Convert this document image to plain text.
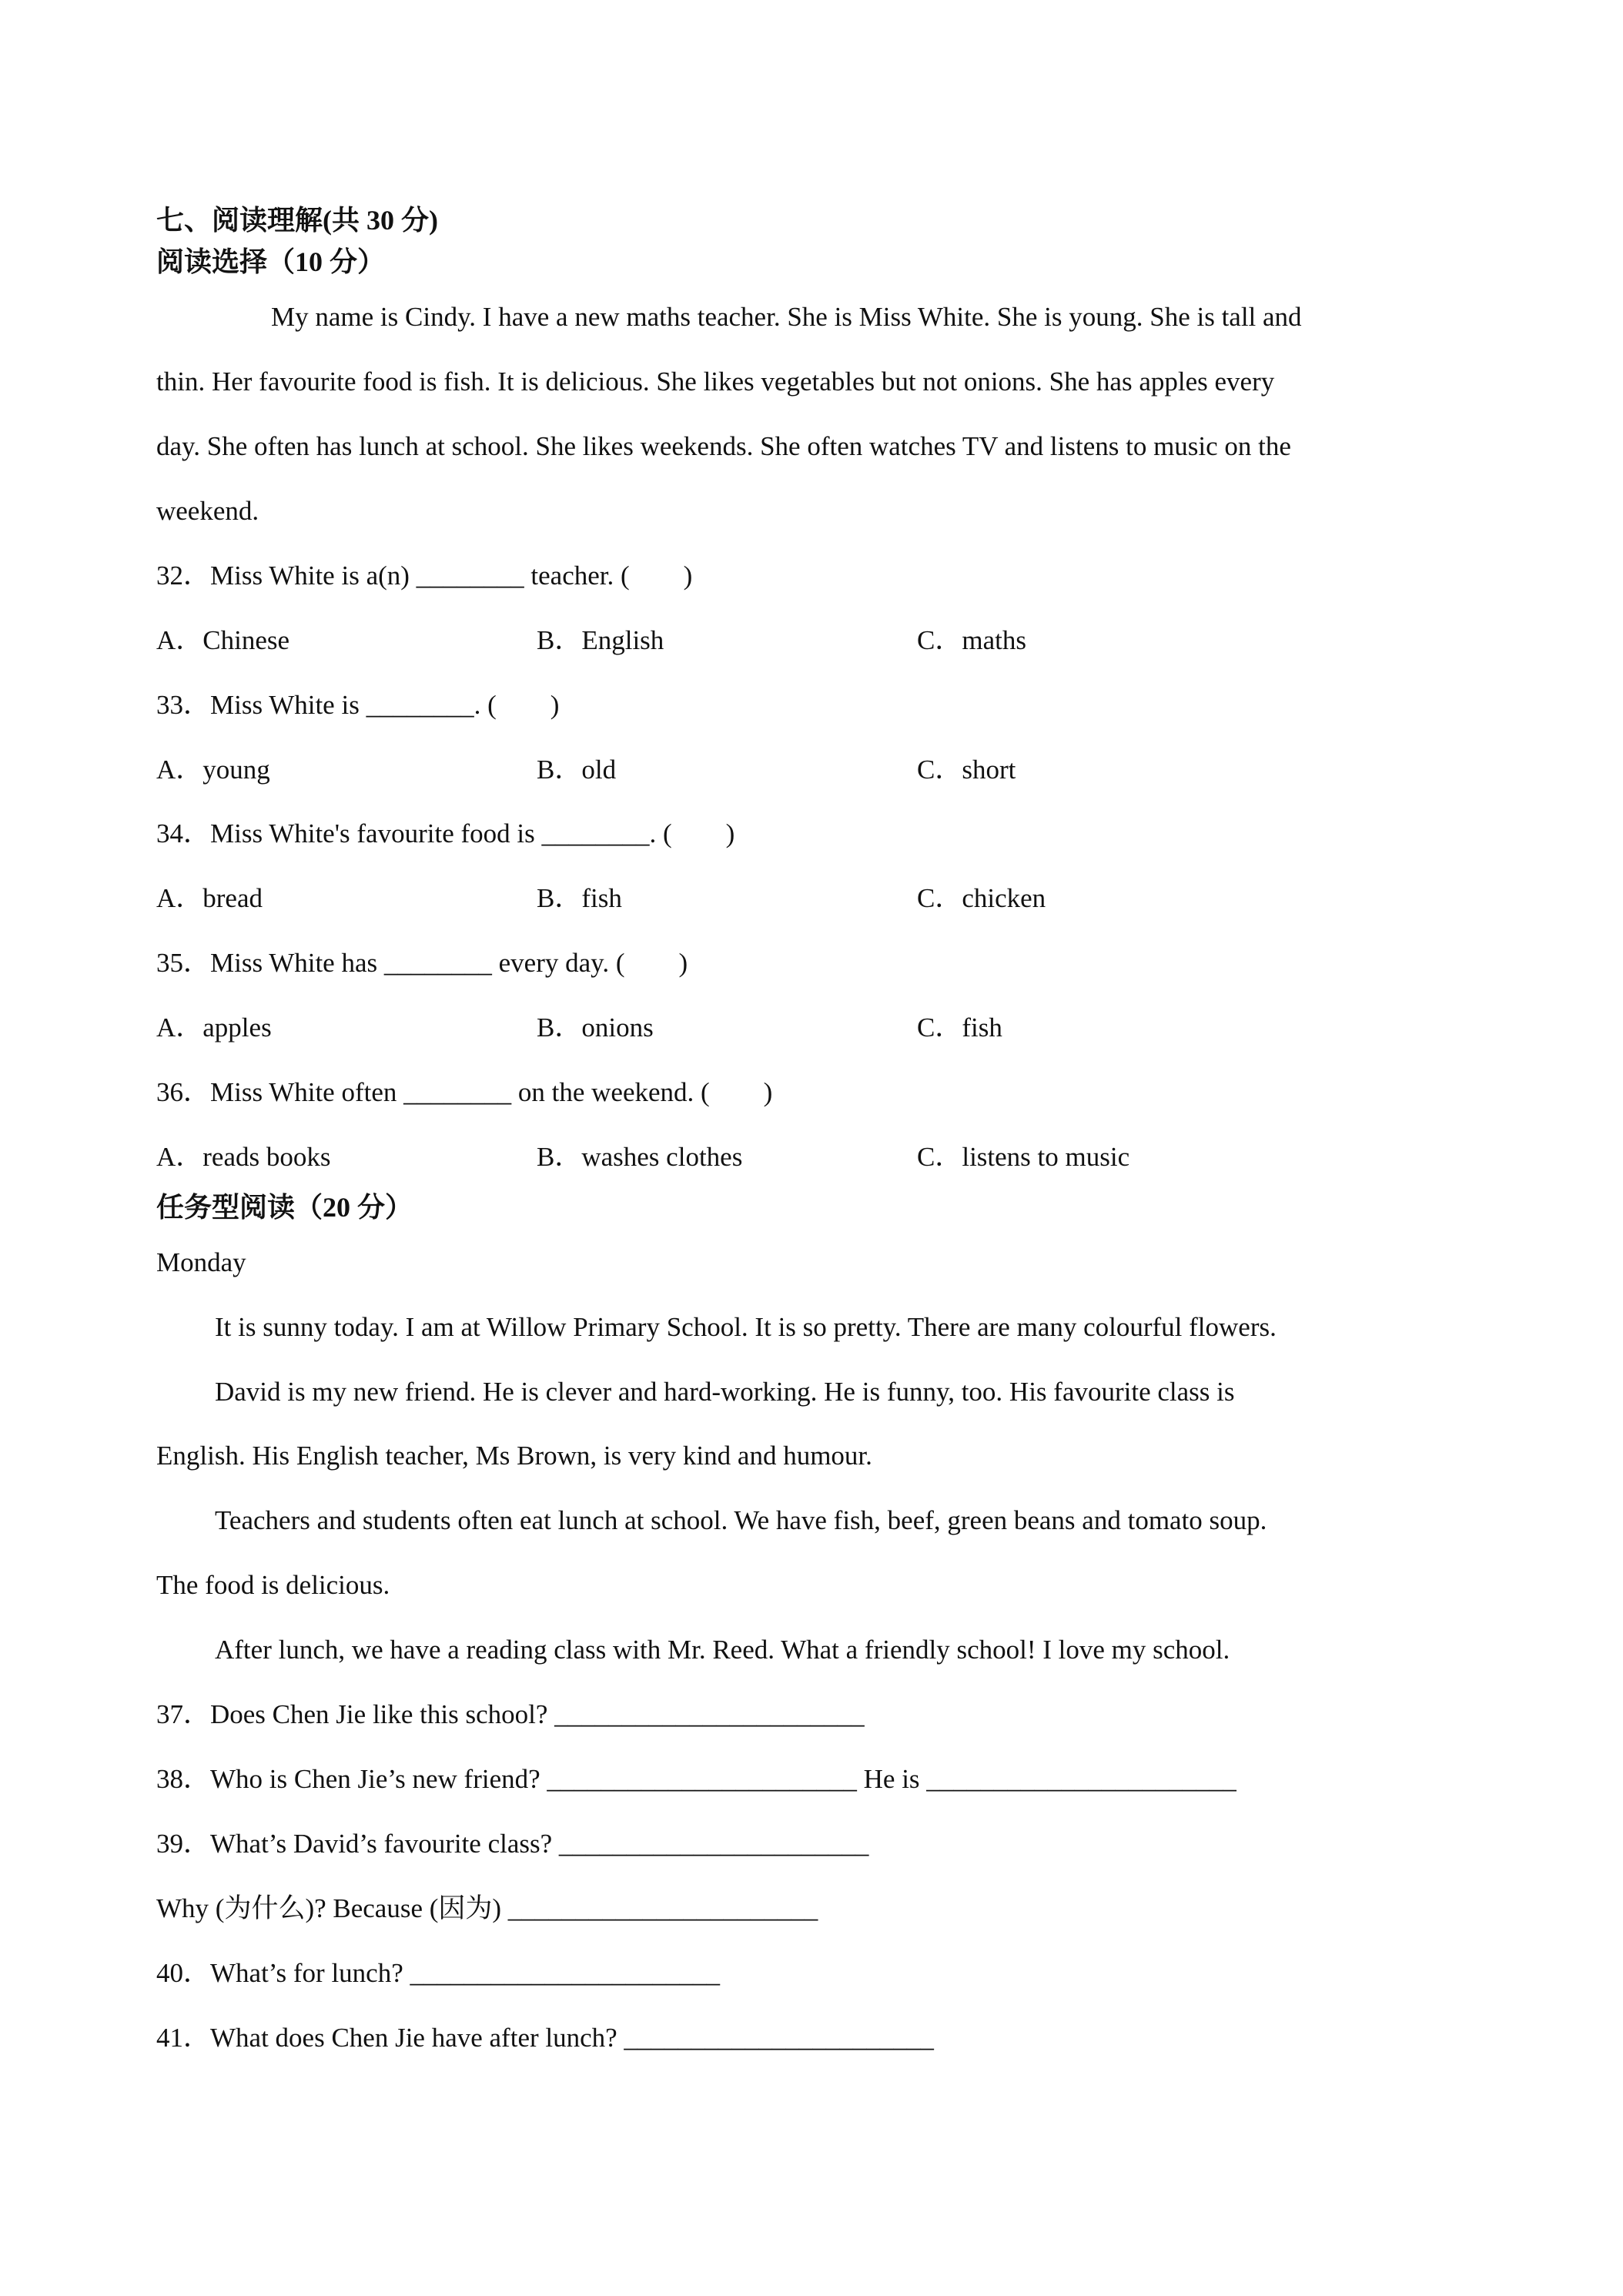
七、阅读理解(共 30 分)
阅读选择（10 分）
My name is Cindy. I have a new maths teacher. She is Miss White. She is young. She is tall and
thin. Her favourite food is fish. It is delicious. She likes vegetables but not onions. She has apples every
day. She often has lunch at school. She likes weekends. She often watches TV and listens to music on the
weekend.
32．Miss White is a(n) ________ teacher. (　　)
A．Chinese	B．English	C．maths
33．Miss White is ________. (　　)
A．young	B．old	C．short
34．Miss White's favourite food is ________. (　　)
A．bread	B．fish	C．chicken
35．Miss White has ________ every day. (　　)
A．apples	B．onions	C．fish
36．Miss White often ________ on the weekend. (　　)
A．reads books	B．washes clothes	C．listens to music
任务型阅读（20 分）
Monday
It is sunny today. I am at Willow Primary School. It is so pretty. There are many colourful flowers.
David is my new friend. He is clever and hard-working. He is funny, too. His favourite class is
English. His English teacher, Ms Brown, is very kind and humour.
Teachers and students often eat lunch at school. We have fish, beef, green beans and tomato soup.
The food is delicious.
After lunch, we have a reading class with Mr. Reed. What a friendly school! I love my school.
37．Does Chen Jie like this school? _______________________
38．Who is Chen Jie’s new friend? _______________________ He is _______________________
39．What’s David’s favourite class? _______________________
Why (为什么)? Because (因为) _______________________
40．What’s for lunch? _______________________
41．What does Chen Jie have after lunch? _______________________
